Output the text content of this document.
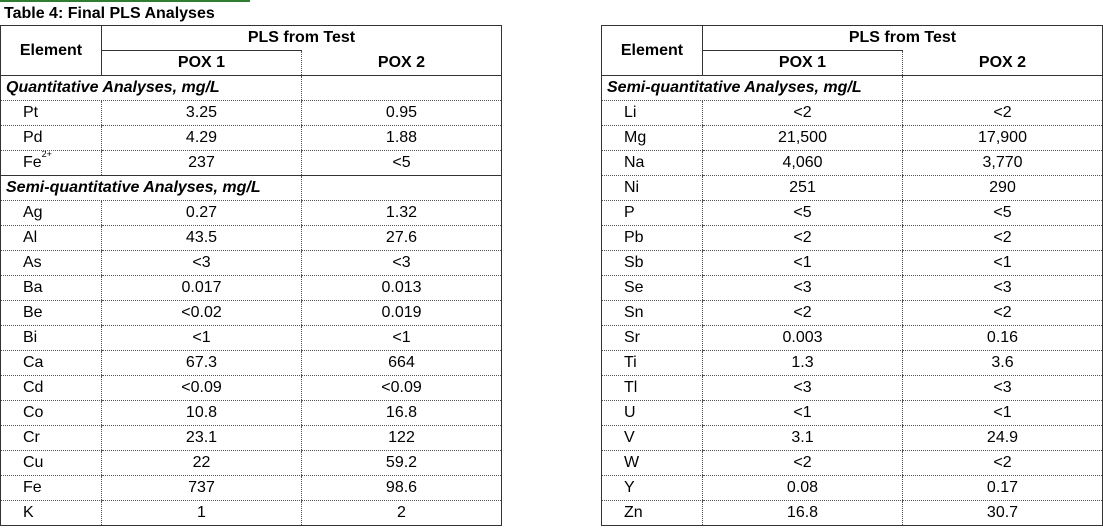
Table 4: Final PLS Analyses
Element	PLS from Test	
	POX 1	POX 2
Quantitative Analyses, mg/L		
Pt	3.25	0.95
Pd	4.29	1.88
$Fe^{2+}$	237	<5
Semi-quantitative Analyses, mg/L		
Ag	0.27	1.32
Al	43.5	27.6
As	<3	<3
Ba	0.017	0.013
Be	<0.02	0.019
Bi	<1	<1
Ca	67.3	664
Cd	<0.09	<0.09
Co	10.8	16.8
Cr	23.1	122
Cu	22	59.2
Fe	737	98.6
K	1	2
Element	PLS from Test	
	POX 1	POX 2
Semi-quantitative Analyses, mg/L		
Li	<2	<2
Mg	21,500	17,900
Na	4,060	3,770
Ni	251	290
P	<5	<5
Pb	<2	<2
Sb	<1	<1
Se	<3	<3
Sn	<2	<2
Sr	0.003	0.16
Ti	1.3	3.6
Tl	<3	<3
U	<1	<1
V	3.1	24.9
W	<2	<2
Y	0.08	0.17
Zn	16.8	30.7
